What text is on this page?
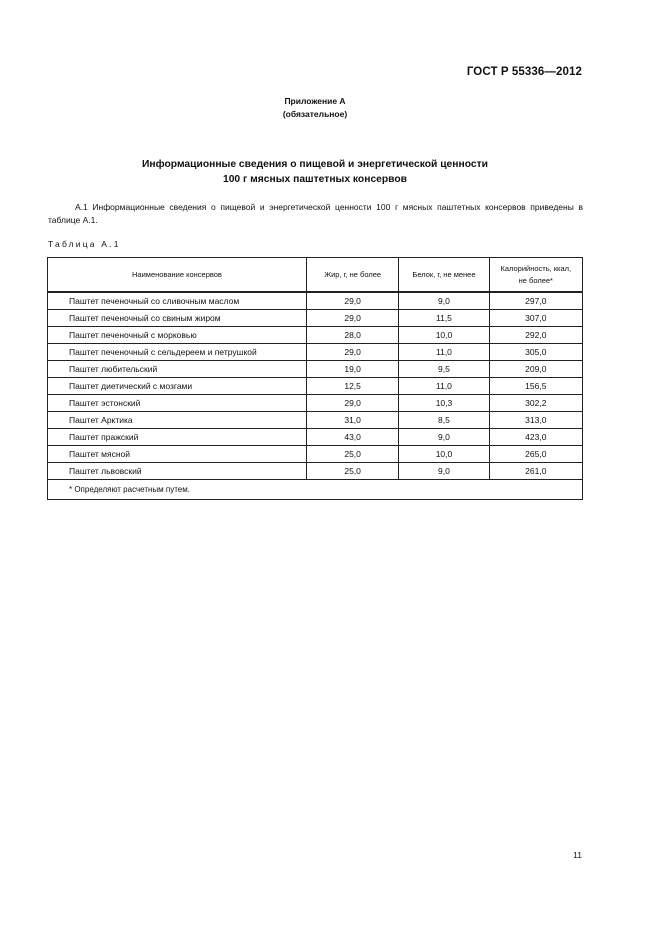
ГОСТ Р 55336—2012
Приложение А
(обязательное)
Информационные сведения о пищевой и энергетической ценности
100 г мясных паштетных консервов
А.1 Информационные сведения о пищевой и энергетической ценности 100 г мясных паштетных консервов приведены в таблице А.1.
Таблица А.1
Наименование консервов	Жир, г, не более	Белок, г, не менее	Калорийность, ккал,
не более*

Паштет печеночный со сливочным маслом	29,0	9,0	297,0
Паштет печеночный со свиным жиром	29,0	11,5	307,0
Паштет печеночный с морковью	28,0	10,0	292,0
Паштет печеночный с сельдереем и петрушкой	29,0	11,0	305,0
Паштет любительский	19,0	9,5	209,0
Паштет диетический с мозгами	12,5	11,0	156,5
Паштет эстонский	29,0	10,3	302,2
Паштет Арктика	31,0	8,5	313,0
Паштет пражский	43,0	9,0	423,0
Паштет мясной	25,0	10,0	265,0
Паштет львовский	25,0	9,0	261,0
* Определяют расчетным путем.			
11
